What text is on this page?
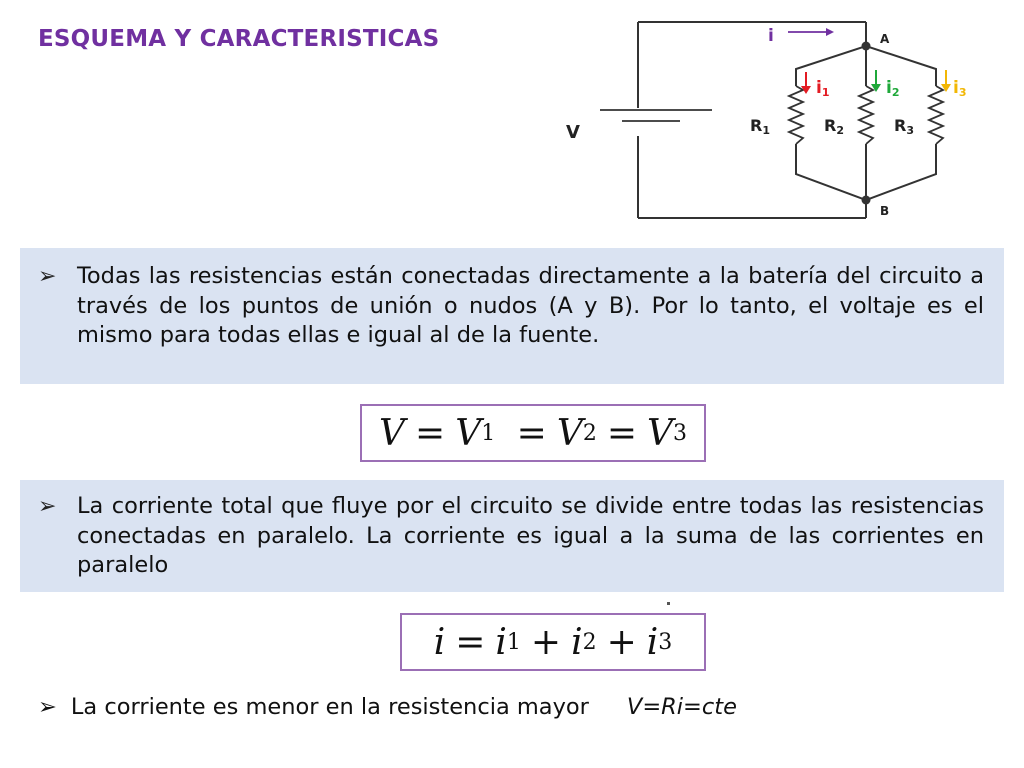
ESQUEMA Y CARACTERISTICAS	i	A
B
V
i1	i2	i3
R1	R2	R3
➢ Todas las resistencias están conectadas directamente a la batería del circuito a través de los puntos de unión o nudos (A y B). Por lo tanto, el voltaje es el mismo para todas ellas e igual al de la fuente.

V = V 1
= V 2 = V 3
➢ La corriente total que fluye por el circuito se divide entre todas las resistencias conectadas en paralelo. La corriente es igual a la suma de las corrientes en paralelo

i = i 1 + i 2 + i 3
➢ La corriente es menor en la resistencia mayor V=Ri=cte
